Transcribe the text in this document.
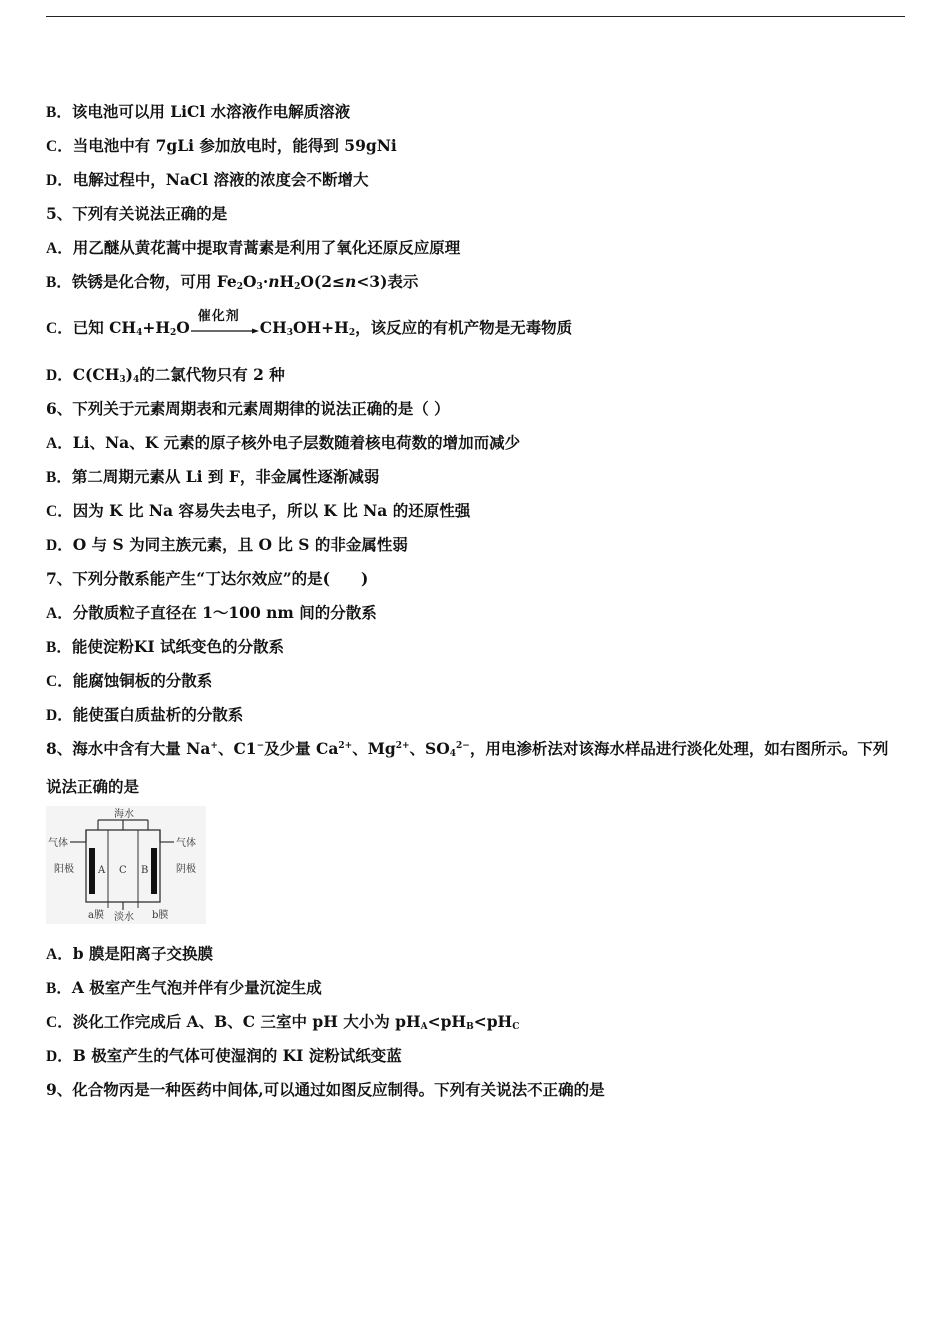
B．该电池可以用 LiCl 水溶液作电解质溶液
C．当电池中有 7gLi 参加放电时，能得到 59gNi
D．电解过程中，NaCl 溶液的浓度会不断增大
5、下列有关说法正确的是
A．用乙醚从黄花蒿中提取青蒿素是利用了氧化还原反应原理
B．铁锈是化合物，可用 $Fe_2O_3\cdot nH_2O(2\le n<3)$表示
C．已知 $CH_4+H_2O$
催化剂
$CH_3OH+H_2$，该反应的有机产物是无毒物质
D．$C(CH_3)_4$的二氯代物只有 2 种
6、下列关于元素周期表和元素周期律的说法正确的是（ ）
A．Li、Na、K 元素的原子核外电子层数随着核电荷数的增加而减少
B．第二周期元素从 Li 到 F，非金属性逐渐减弱
C．因为 K 比 Na 容易失去电子，所以 K 比 Na 的还原性强
D．O 与 S 为同主族元素，且 O 比 S 的非金属性弱
7、下列分散系能产生“丁达尔效应”的是(　　)
A．分散质粒子直径在 1～100 nm 间的分散系
B．能使淀粉KI 试纸变色的分散系
C．能腐蚀铜板的分散系
D．能使蛋白质盐析的分散系
8、海水中含有大量 Na+、C1−及少量 $Ca^{2+}$、$Mg^{2+}$、$SO_4^{2-}$，用电渗析法对该海水样品进行淡化处理，如右图所示。下列
说法正确的是
海水
气体	气体
阳极	阴极
A C B
a膜 淡水 b膜
A．b 膜是阳离子交换膜
B．A 极室产生气泡并伴有少量沉淀生成
C．淡化工作完成后 A、B、C 三室中 pH 大小为 $pH_A<pH_B<pH_C$
D．B 极室产生的气体可使湿润的 KI 淀粉试纸变蓝
9、化合物丙是一种医药中间体,可以通过如图反应制得。下列有关说法不正确的是
